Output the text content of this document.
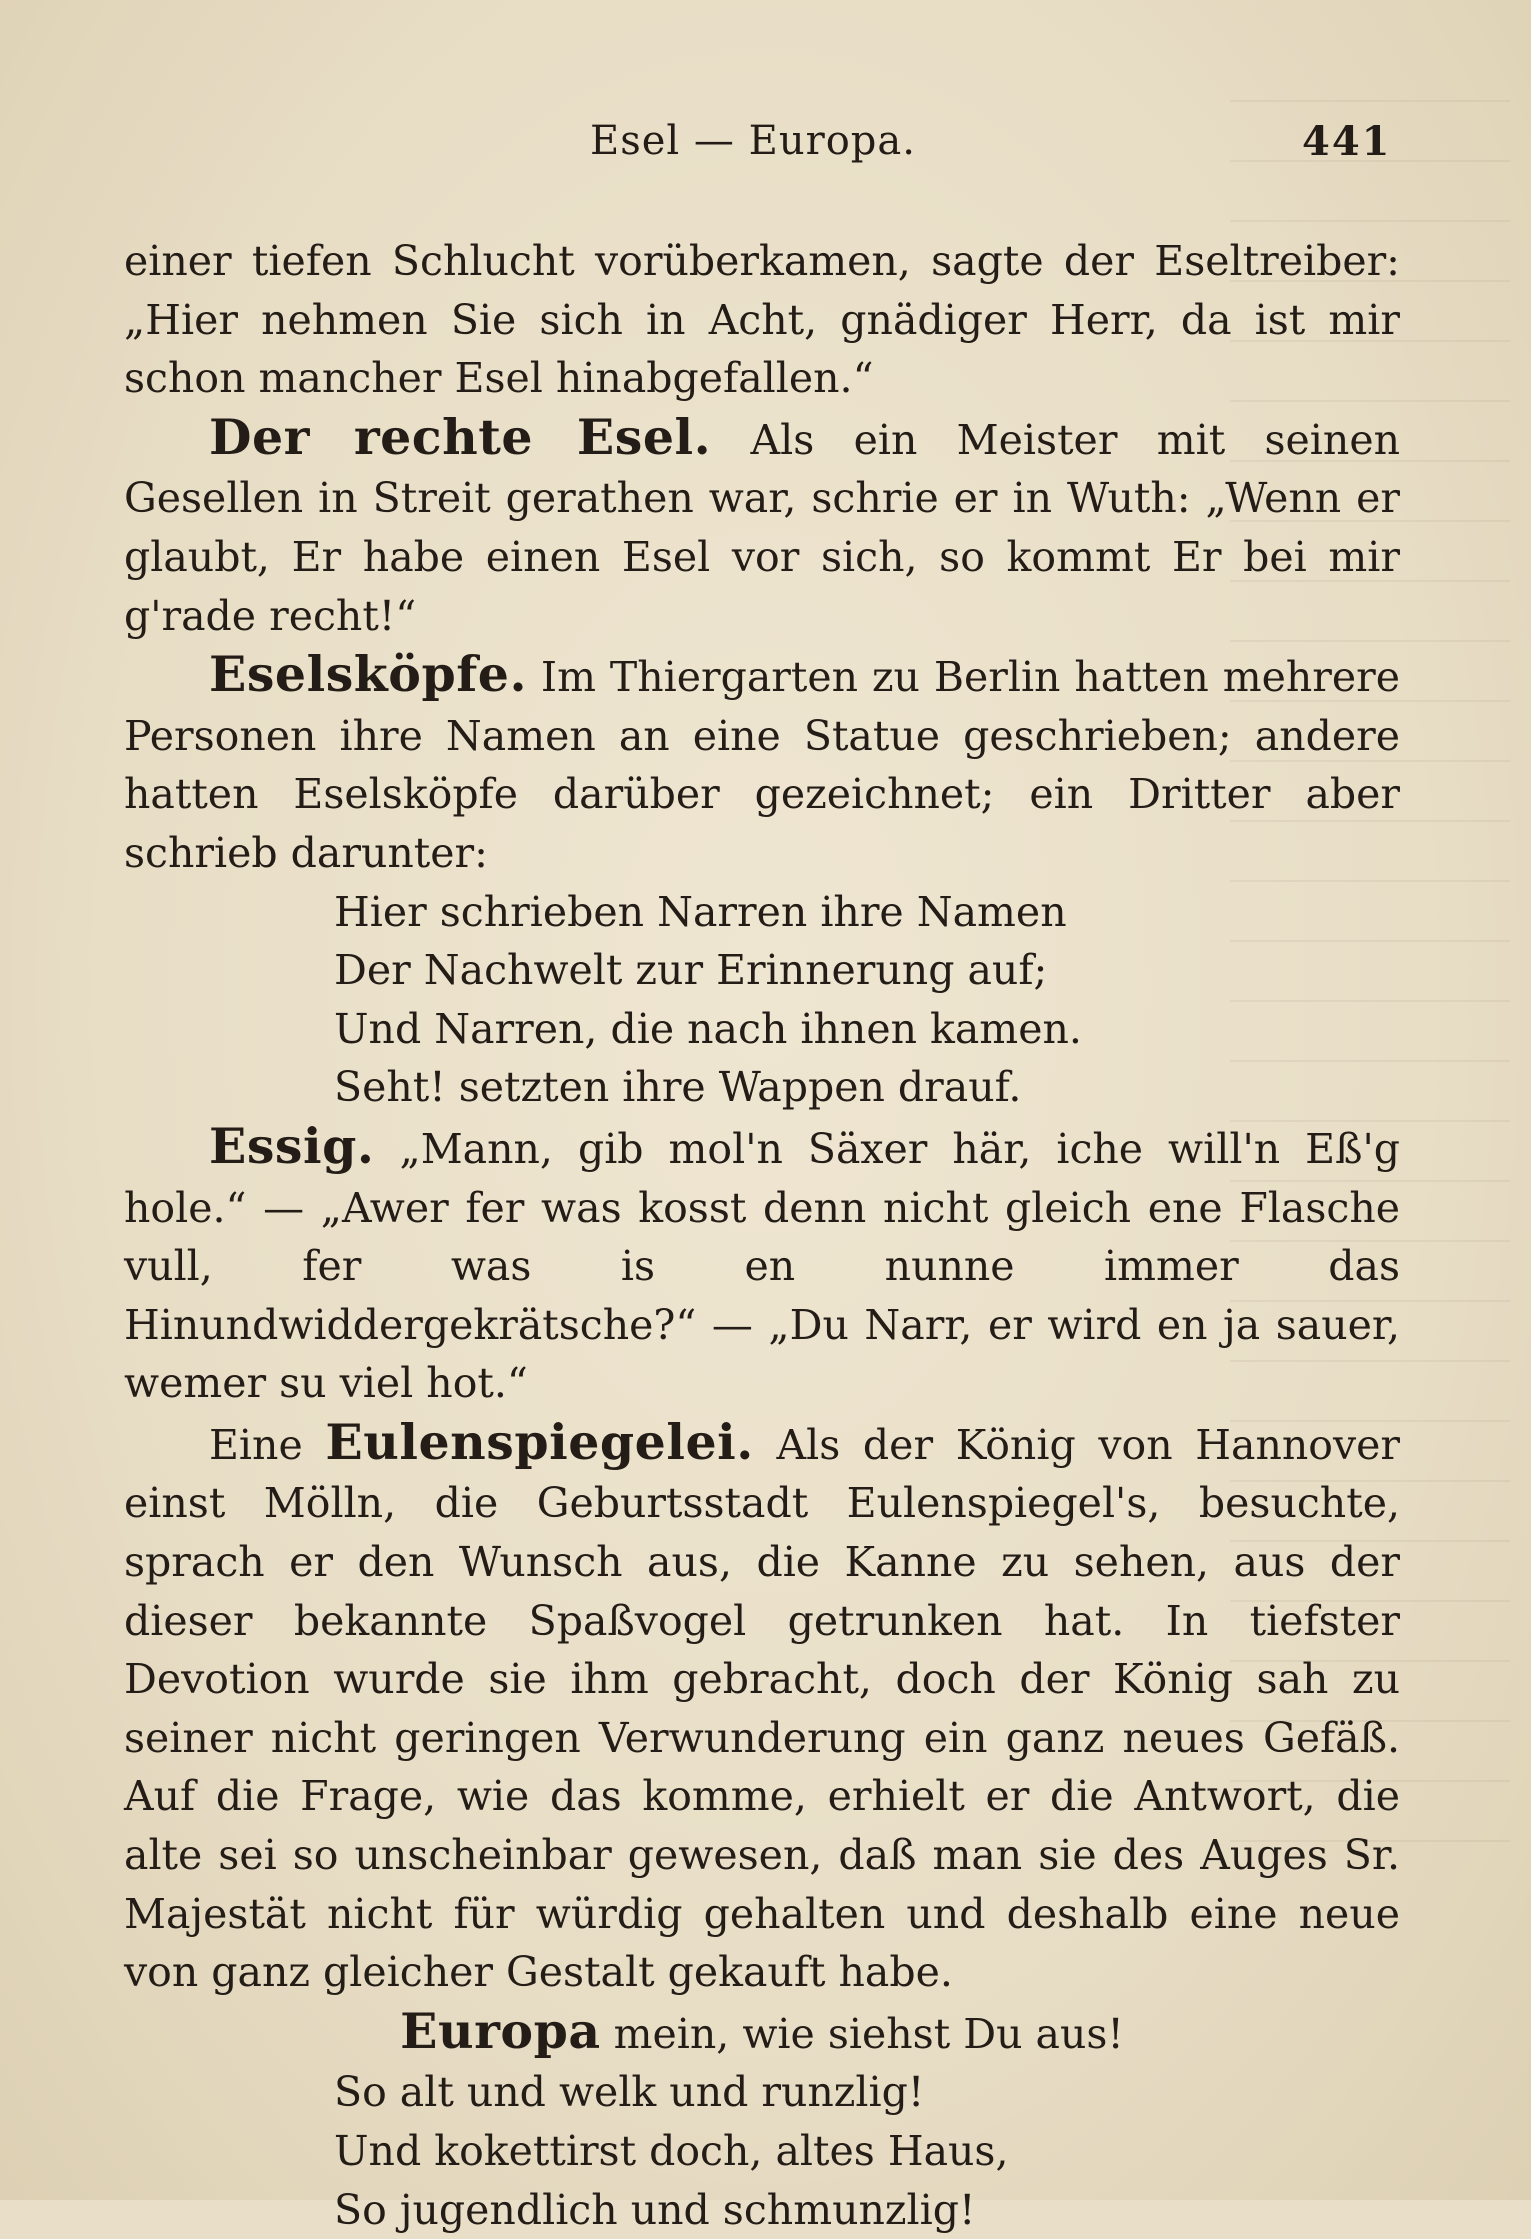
Esel — Europa.	441

einer tiefen Schlucht vorüberkamen, sagte der Eseltreiber: „Hier nehmen Sie sich in Acht, gnädiger Herr, da ist mir schon mancher Esel hinabgefallen.“

Der rechte Esel. Als ein Meister mit seinen Gesellen in Streit gerathen war, schrie er in Wuth: „Wenn er glaubt, Er habe einen Esel vor sich, so kommt Er bei mir g'rade recht!“

Eselsköpfe. Im Thiergarten zu Berlin hatten mehrere Personen ihre Namen an eine Statue geschrieben; andere hatten Eselsköpfe darüber gezeichnet; ein Dritter aber schrieb darunter:

Hier schrieben Narren ihre Namen
Der Nachwelt zur Erinnerung auf;
Und Narren, die nach ihnen kamen.
Seht! setzten ihre Wappen drauf.

Essig. „Mann, gib mol'n Säxer här, iche will'n Eß'g hole.“ — „Awer fer was kosst denn nicht gleich ene Flasche vull, fer was is en nunne immer das Hinundwiddergekrätsche?“ — „Du Narr, er wird en ja sauer, wemer su viel hot.“

Eine Eulenspiegelei. Als der König von Hannover einst Mölln, die Geburtsstadt Eulenspiegel's, besuchte, sprach er den Wunsch aus, die Kanne zu sehen, aus der dieser bekannte Spaßvogel getrunken hat. In tiefster Devotion wurde sie ihm gebracht, doch der König sah zu seiner nicht geringen Verwunderung ein ganz neues Gefäß. Auf die Frage, wie das komme, erhielt er die Antwort, die alte sei so unscheinbar gewesen, daß man sie des Auges Sr. Majestät nicht für würdig gehalten und deshalb eine neue von ganz gleicher Gestalt gekauft habe.

Europa mein, wie siehst Du aus!

So alt und welk und runzlig!
Und kokettirst doch, altes Haus,
So jugendlich und schmunzlig!
